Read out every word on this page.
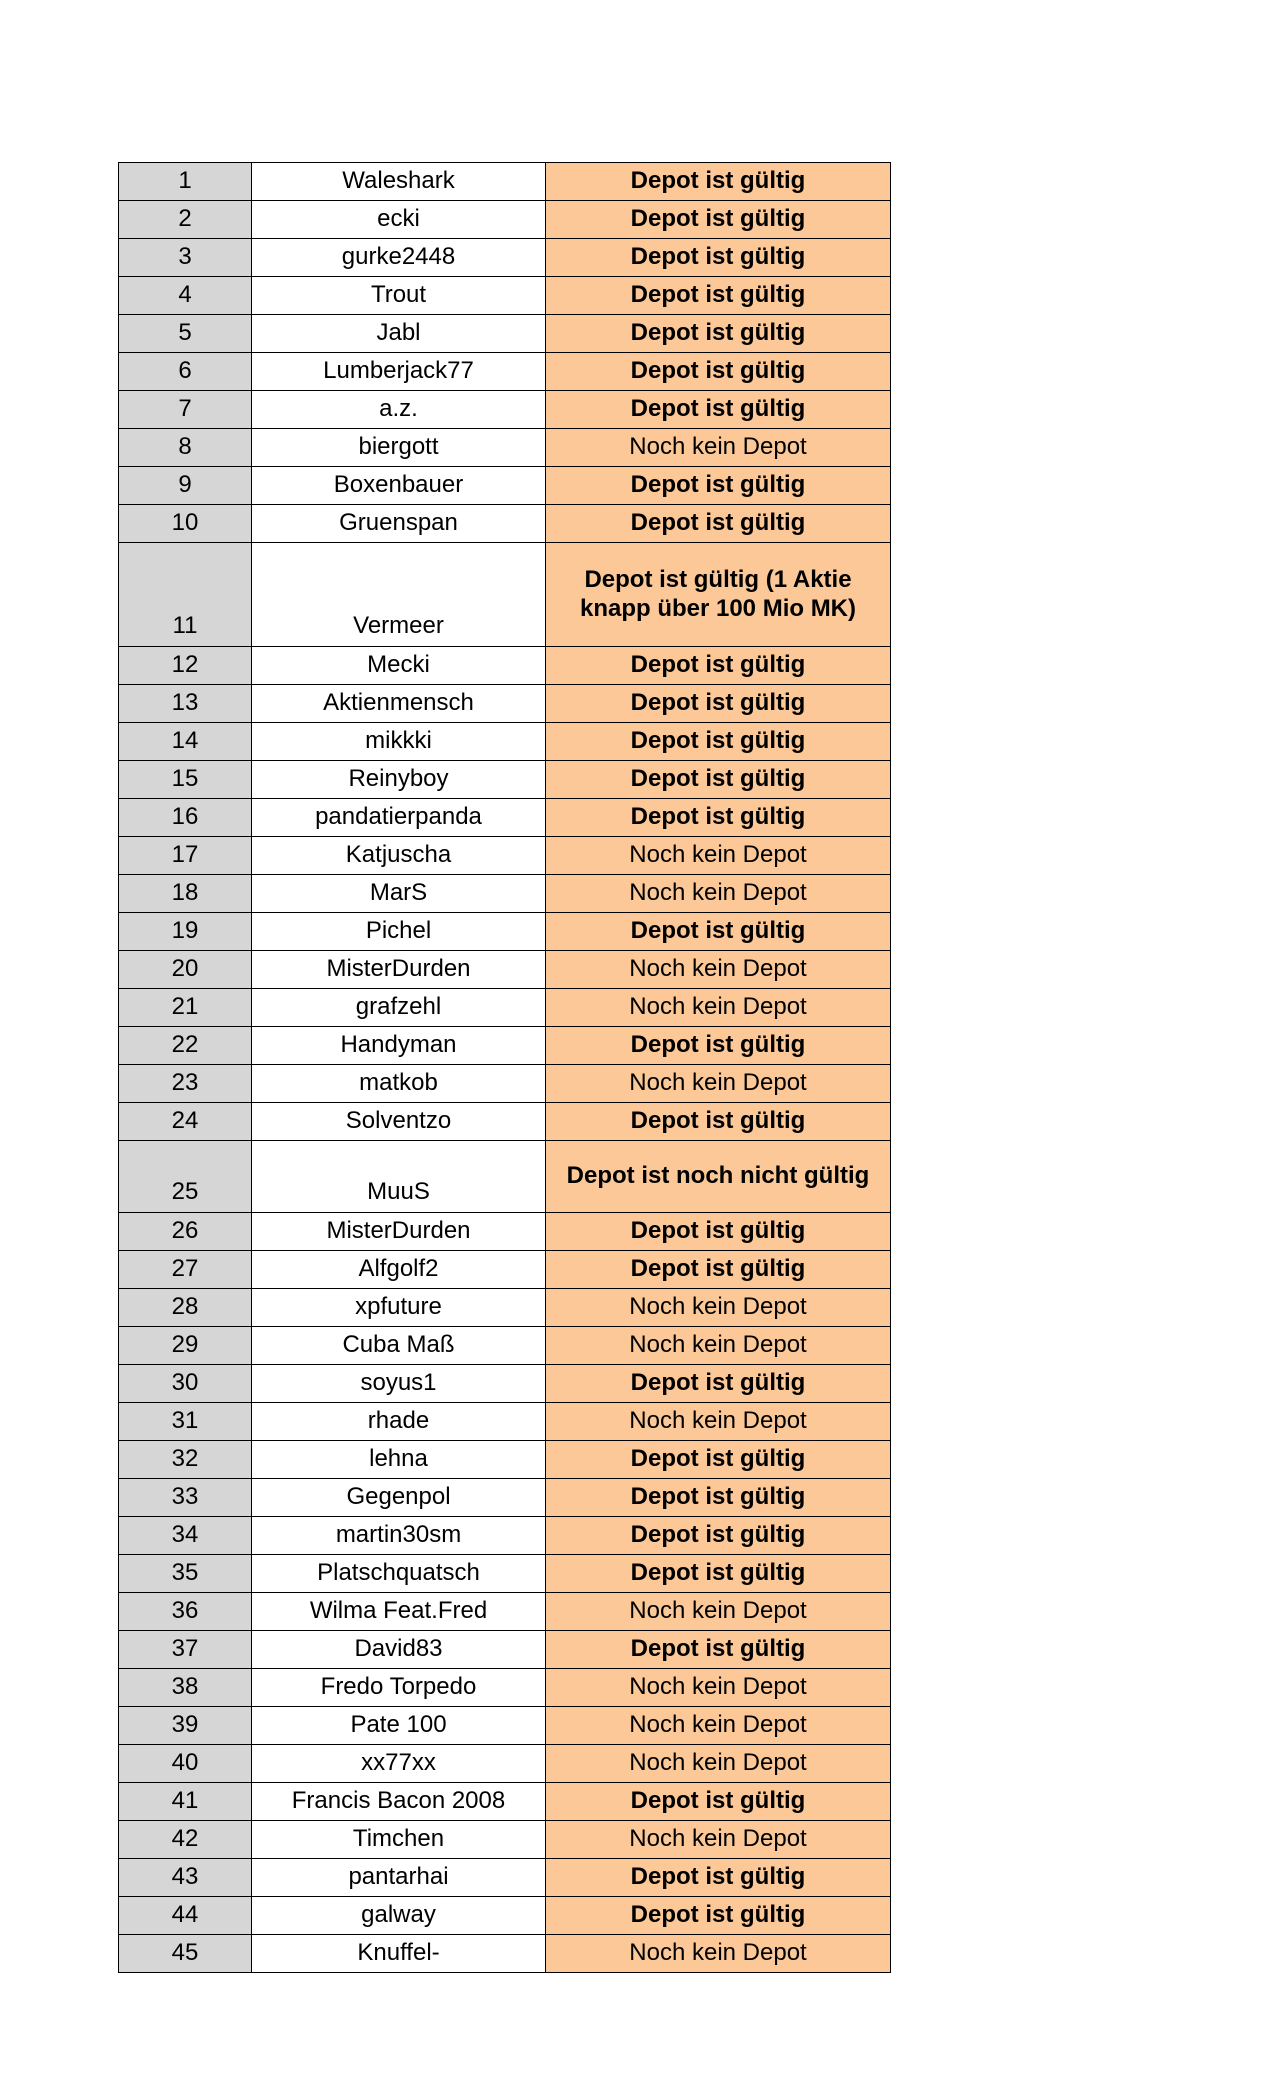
1	Waleshark	Depot ist gültig
2	ecki	Depot ist gültig
3	gurke2448	Depot ist gültig
4	Trout	Depot ist gültig
5	Jabl	Depot ist gültig
6	Lumberjack77	Depot ist gültig
7	a.z.	Depot ist gültig
8	biergott	Noch kein Depot
9	Boxenbauer	Depot ist gültig
10	Gruenspan	Depot ist gültig
11	Vermeer	Depot ist gültig (1 Aktie knapp über 100 Mio MK)
12	Mecki	Depot ist gültig
13	Aktienmensch	Depot ist gültig
14	mikkki	Depot ist gültig
15	Reinyboy	Depot ist gültig
16	pandatierpanda	Depot ist gültig
17	Katjuscha	Noch kein Depot
18	MarS	Noch kein Depot
19	Pichel	Depot ist gültig
20	MisterDurden	Noch kein Depot
21	grafzehl	Noch kein Depot
22	Handyman	Depot ist gültig
23	matkob	Noch kein Depot
24	Solventzo	Depot ist gültig
25	MuuS	Depot ist noch nicht gültig
26	MisterDurden	Depot ist gültig
27	Alfgolf2	Depot ist gültig
28	xpfuture	Noch kein Depot
29	Cuba Maß	Noch kein Depot
30	soyus1	Depot ist gültig
31	rhade	Noch kein Depot
32	lehna	Depot ist gültig
33	Gegenpol	Depot ist gültig
34	martin30sm	Depot ist gültig
35	Platschquatsch	Depot ist gültig
36	Wilma Feat.Fred	Noch kein Depot
37	David83	Depot ist gültig
38	Fredo Torpedo	Noch kein Depot
39	Pate 100	Noch kein Depot
40	xx77xx	Noch kein Depot
41	Francis Bacon 2008	Depot ist gültig
42	Timchen	Noch kein Depot
43	pantarhai	Depot ist gültig
44	galway	Depot ist gültig
45	Knuffel-	Noch kein Depot
